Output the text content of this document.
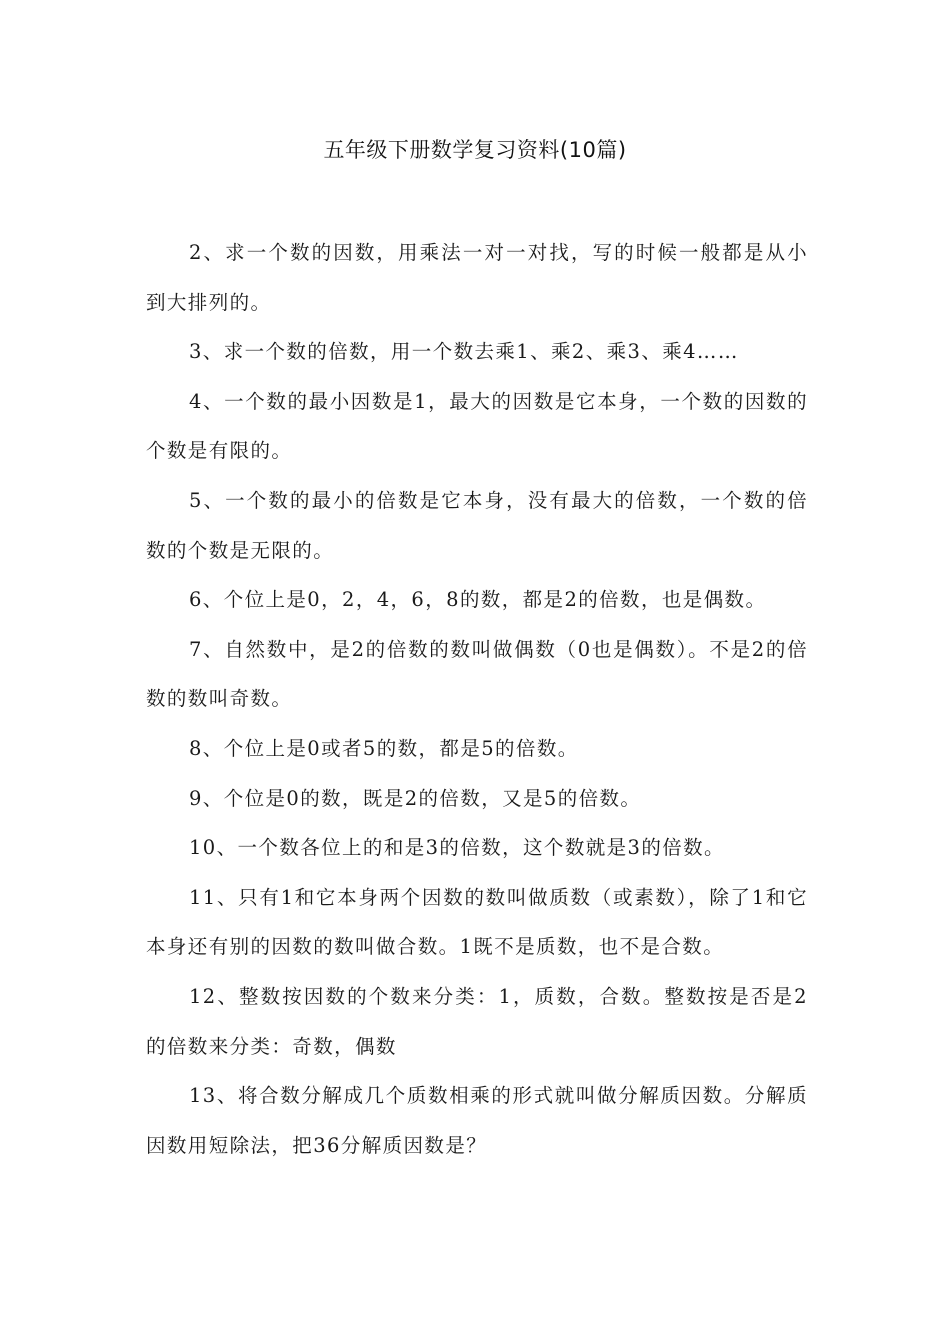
五年级下册数学复习资料(10篇)

2、求一个数的因数，用乘法一对一对找，写的时候一般都是从小到大排列的。

3、求一个数的倍数，用一个数去乘1、乘2、乘3、乘4……

4、一个数的最小因数是1，最大的因数是它本身，一个数的因数的个数是有限的。

5、一个数的最小的倍数是它本身，没有最大的倍数，一个数的倍数的个数是无限的。

6、个位上是0，2，4，6，8的数，都是2的倍数，也是偶数。

7、自然数中，是2的倍数的数叫做偶数（0也是偶数）。不是2的倍数的数叫奇数。

8、个位上是0或者5的数，都是5的倍数。

9、个位是0的数，既是2的倍数，又是5的倍数。

10、一个数各位上的和是3的倍数，这个数就是3的倍数。

11、只有1和它本身两个因数的数叫做质数（或素数），除了1和它本身还有别的因数的数叫做合数。1既不是质数，也不是合数。

12、整数按因数的个数来分类：1，质数，合数。整数按是否是2的倍数来分类：奇数，偶数

13、将合数分解成几个质数相乘的形式就叫做分解质因数。分解质因数用短除法，把36分解质因数是？
